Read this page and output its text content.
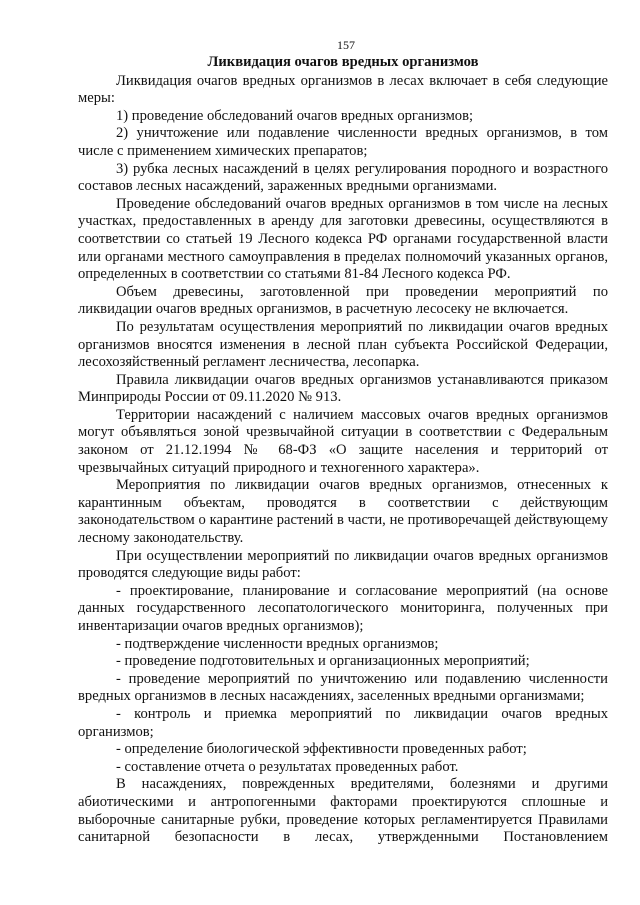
157
Ликвидация очагов вредных организмов

Ликвидация очагов вредных организмов в лесах включает в себя следующие меры:

1) проведение обследований очагов вредных организмов;

2) уничтожение или подавление численности вредных организмов, в том числе с применением химических препаратов;

3) рубка лесных насаждений в целях регулирования породного и возрастного составов лесных насаждений, зараженных вредными организмами.

Проведение обследований очагов вредных организмов в том числе на лесных участках, предоставленных в аренду для заготовки древесины, осуществляются в соответствии со статьей 19 Лесного кодекса РФ органами государственной власти или органами местного самоуправления в пределах полномочий указанных органов, определенных в соответствии со статьями 81-84 Лесного кодекса РФ.

Объем древесины, заготовленной при проведении мероприятий по ликвидации очагов вредных организмов, в расчетную лесосеку не включается.

По результатам осуществления мероприятий по ликвидации очагов вредных организмов вносятся изменения в лесной план субъекта Российской Федерации, лесохозяйственный регламент лесничества, лесопарка.

Правила ликвидации очагов вредных организмов устанавливаются приказом Минприроды России от 09.11.2020 № 913.

Территории насаждений с наличием массовых очагов вредных организмов могут объявляться зоной чрезвычайной ситуации в соответствии с Федеральным законом от 21.12.1994 № 68-ФЗ «О защите населения и территорий от чрезвычайных ситуаций природного и техногенного характера».

Мероприятия по ликвидации очагов вредных организмов, отнесенных к карантинным объектам, проводятся в соответствии с действующим законодательством о карантине растений в части, не противоречащей действующему лесному законодательству.

При осуществлении мероприятий по ликвидации очагов вредных организмов проводятся следующие виды работ:

- проектирование, планирование и согласование мероприятий (на основе данных государственного лесопатологического мониторинга, полученных при инвентаризации очагов вредных организмов);

- подтверждение численности вредных организмов;

- проведение подготовительных и организационных мероприятий;

- проведение мероприятий по уничтожению или подавлению численности вредных организмов в лесных насаждениях, заселенных вредными организмами;

- контроль и приемка мероприятий по ликвидации очагов вредных организмов;

- определение биологической эффективности проведенных работ;

- составление отчета о результатах проведенных работ.

В насаждениях, поврежденных вредителями, болезнями и другими абиотическими и антропогенными факторами проектируются сплошные и выборочные санитарные рубки, проведение которых регламентируется Правилами санитарной безопасности в лесах, утвержденными Постановлением
